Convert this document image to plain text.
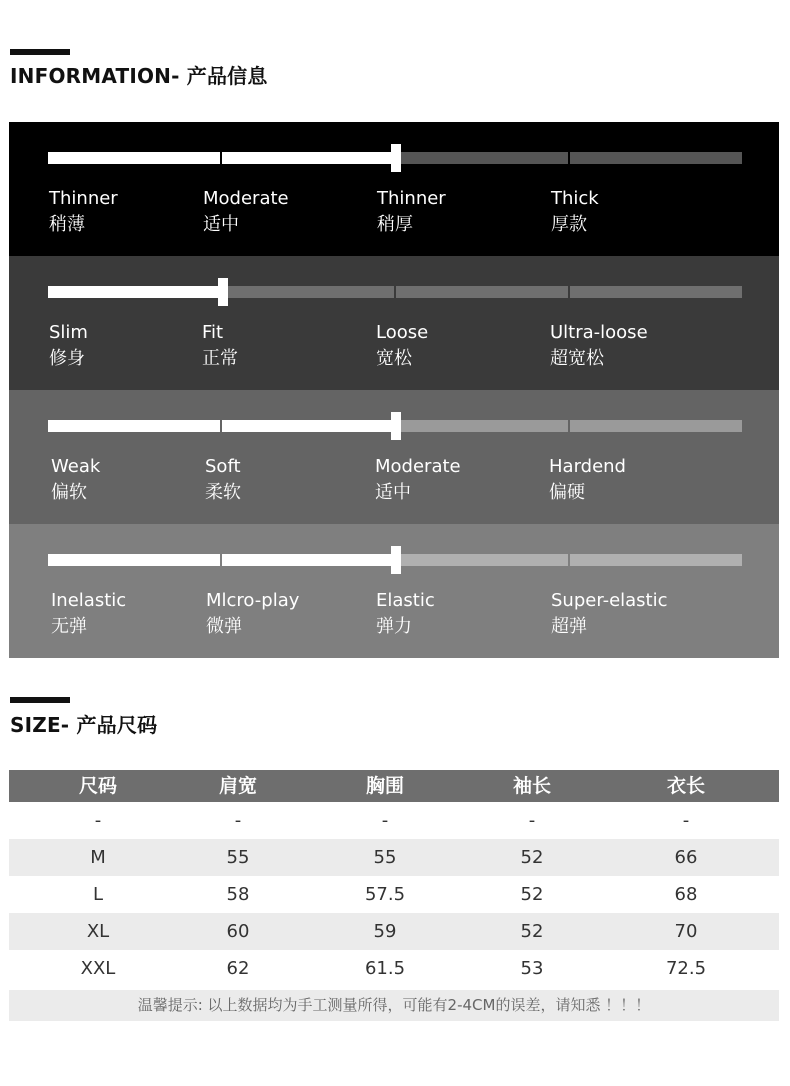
INFORMATION- 产品信息
Thinner
稍薄
Moderate
适中
Thinner
稍厚
Thick
厚款
Slim
修身
Fit
正常
Loose
宽松
Ultra-loose
超宽松
Weak
偏软
Soft
柔软
Moderate
适中
Hardend
偏硬
Inelastic
无弹
Mlcro-play
微弹
Elastic
弹力
Super-elastic
超弹
SIZE- 产品尺码
尺码	肩宽	胸围	袖长	衣长
-	-	-	-	-
M	55	55	52	66
L	58	57.5	52	68
XL	60	59	52	70
XXL	62	61.5	53	72.5
温馨提示: 以上数据均为手工测量所得，可能有2-4CM的误差，请知悉 ！！！
